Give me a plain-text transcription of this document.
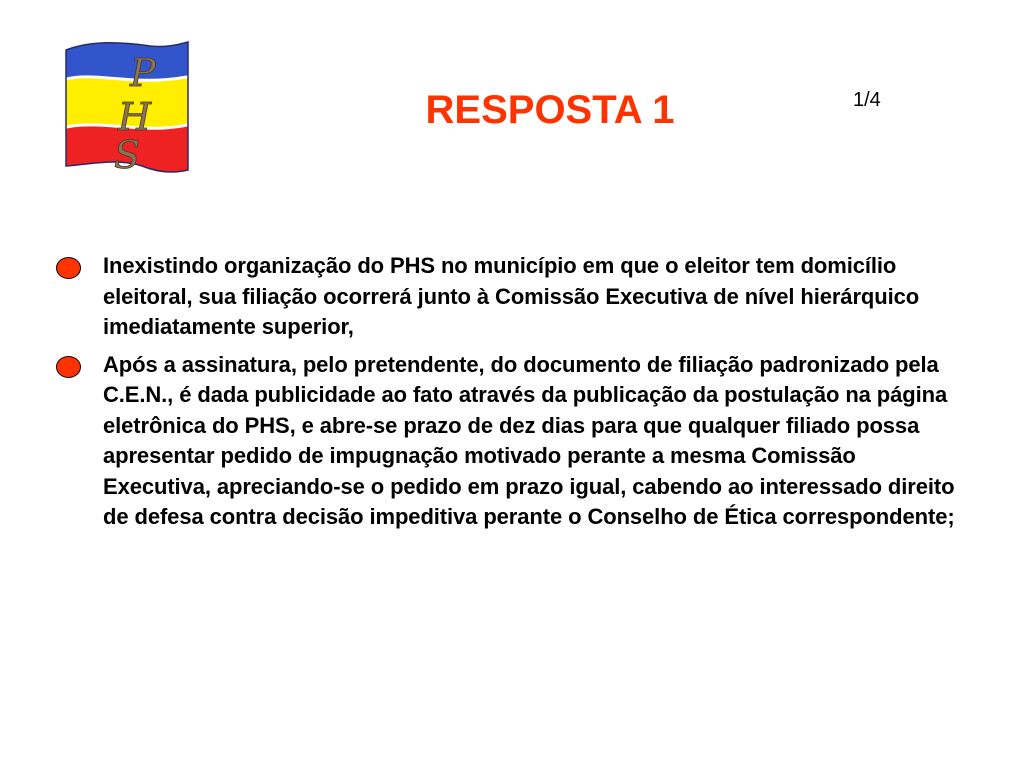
P
H
S
RESPOSTA 1	1/4
Inexistindo organização do PHS no município em que o eleitor tem domicílio eleitoral, sua filiação ocorrerá junto à Comissão Executiva de nível hierárquico imediatamente superior,
Após a assinatura, pelo pretendente, do documento de filiação padronizado pela C.E.N., é dada publicidade ao fato através da publicação da postulação na página eletrônica do PHS, e abre-se prazo de dez dias para que qualquer filiado possa apresentar pedido de impugnação motivado perante a mesma Comissão Executiva, apreciando-se o pedido em prazo igual, cabendo ao interessado direito de defesa contra decisão impeditiva perante o Conselho de Ética correspondente;
